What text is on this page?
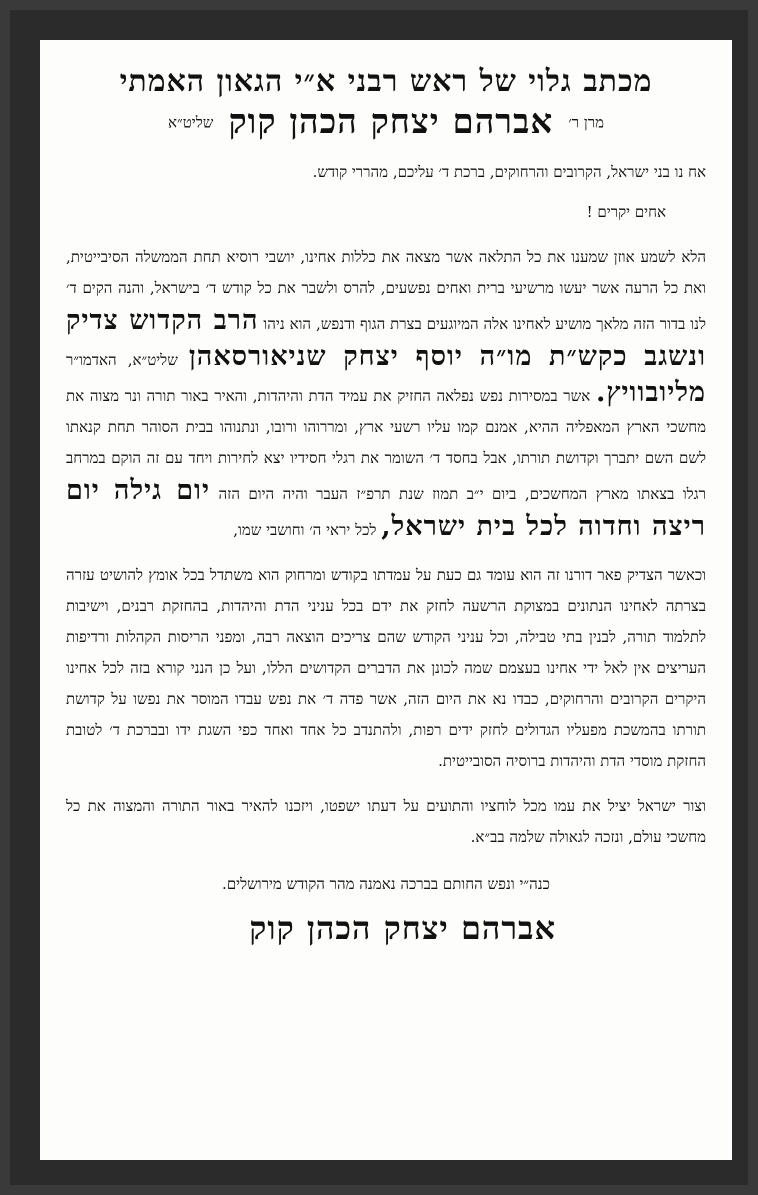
מכתב גלוי של ראש רבני א״י הגאון האמתי
מרן ר׳ אברהם יצחק הכהן קוק שליט״א

אח נו בני ישראל, הקרובים והרחוקים, ברכת ד׳ עליכם, מהררי קודש.

אחים יקרים !

הלא לשמע אוזן שמענו את כל התלאה אשר מצאה את כללות אחינו, יושבי רוסיא תחת הממשלה הסיבייטית, ואת כל הרעה אשר יעשו מרשיעי ברית ואחים נפשעים, להרס ולשבר את כל קודש ד׳ בישראל, והנה הקים ד׳ לנו בדור הזה מלאך מושיע לאחינו אלה המיוגעים בצרת הגוף ודנפש, הוא ניהו הרב הקדוש צדיק ונשגב כקש״ת מו״ה יוסף יצחק שניאורסאהן שליט״א, האדמו״ר מליובוויץ. אשר במסירות נפש נפלאה החזיק את עמיד הדת והיהדות, והאיר באור תורה ונר מצוה את מחשכי הארץ המאפליה ההיא, אמנם קמו עליו רשעי ארץ, ומררוהו ורובו, ונתנוהו בבית הסוהר תחת קנאתו לשם השם יתברך וקדושת תורתו, אבל בחסד ד׳ השומר את רגלי חסידיו יצא לחירות ויחד עם זה הוקם במרחב רגלו בצאתו מארץ המחשכים, ביום י״ב תמוז שנת תרפ״ז העבר והיה היום הזה יום גילה יום ריצה וחדוה לכל בית ישראל, לכל יראי ה׳ וחושבי שמו,

וכאשר הצדיק פאר דורנו זה הוא עומד גם כעת על עמדתו בקודש ומרחוק הוא משתדל בכל אומץ להושיט עזרה בצרתה לאחינו הנתונים במצוקת הרשעה לחזק את ידם בכל עניני הדת והיהדות, בהחזקת רבנים, וישיבות לתלמוד תורה, לבנין בתי טבילה, וכל עניני הקודש שהם צריכים הוצאה רבה, ומפני הריסות הקהלות ורדיפות העריצים אין לאל ידי אחינו בעצמם שמה לכונן את הדברים הקדושים הללו, ועל כן הנני קורא בזה לכל אחינו היקרים הקרובים והרחוקים, כבדו נא את היום הזה, אשר פדה ד׳ את נפש עבדו המוסר את נפשו על קדושת תורתו בהמשכת מפעליו הגדולים לחזק ידים רפות, ולהתנדב כל אחד ואחד כפי השגת ידו ובברכת ד׳ לטובת החזקת מוסדי הדת והיהדות ברוסיה הסובייטית.

וצור ישראל יציל את עמו מכל לוחציו והתועים על דעתו ישפטו, ויזכנו להאיר באור התורה והמצוה את כל מחשכי עולם, ונזכה לגאולה שלמה בב״א.

כנה״י ונפש החותם בברכה נאמנה מהר הקודש מירושלים.
אברהם יצחק הכהן קוק
